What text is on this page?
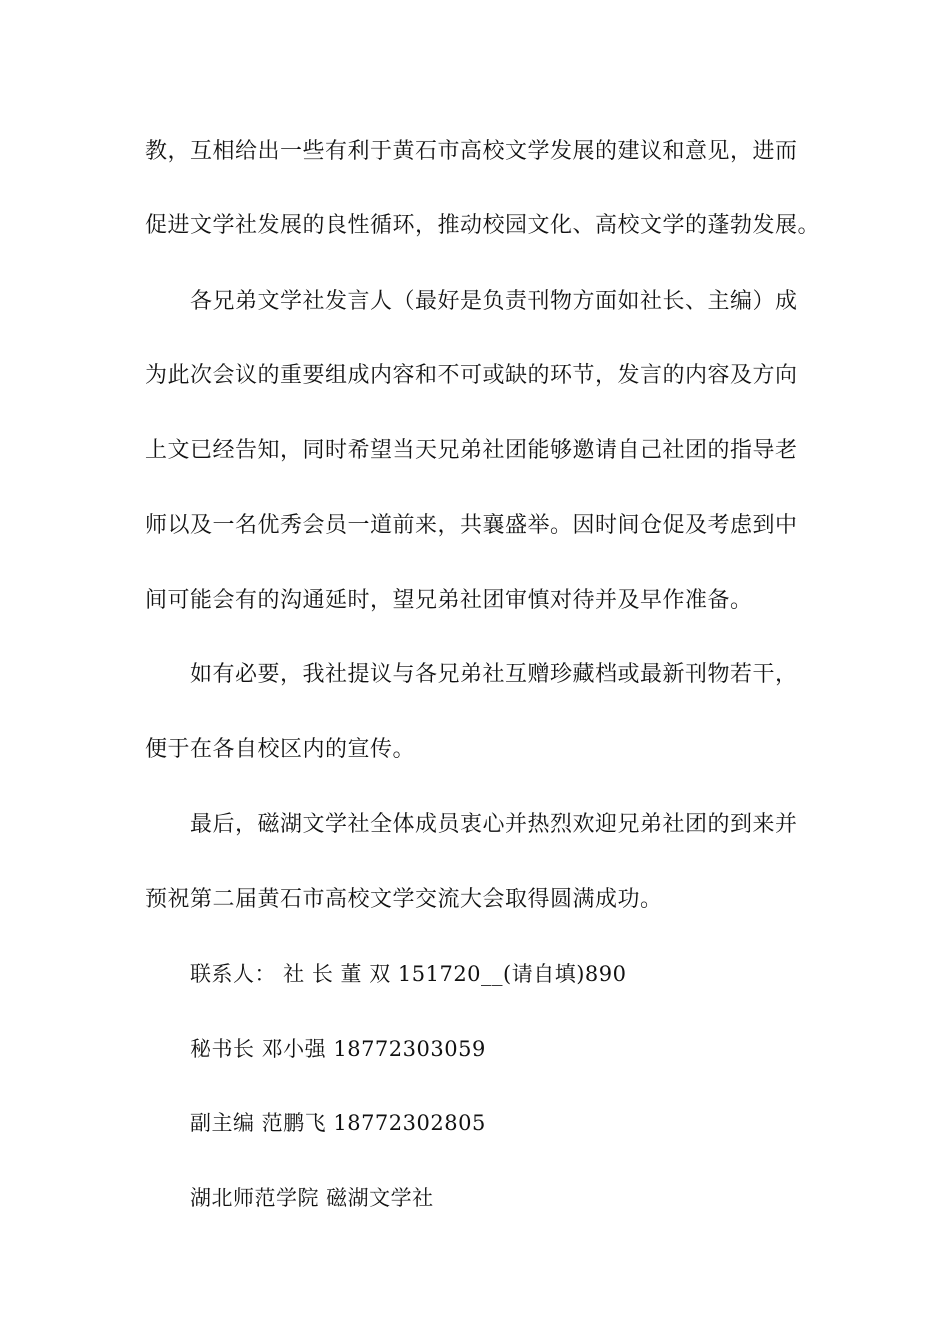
教，互相给出一些有利于黄石市高校文学发展的建议和意见，进而
促进文学社发展的良性循环，推动校园文化、高校文学的蓬勃发展。
各兄弟文学社发言人（最好是负责刊物方面如社长、主编）成
为此次会议的重要组成内容和不可或缺的环节，发言的内容及方向
上文已经告知，同时希望当天兄弟社团能够邀请自己社团的指导老
师以及一名优秀会员一道前来，共襄盛举。因时间仓促及考虑到中
间可能会有的沟通延时，望兄弟社团审慎对待并及早作准备。
如有必要，我社提议与各兄弟社互赠珍藏档或最新刊物若干，
便于在各自校区内的宣传。
最后，磁湖文学社全体成员衷心并热烈欢迎兄弟社团的到来并
预祝第二届黄石市高校文学交流大会取得圆满成功。
联系人： 社 长 董 双 151720__(请自填)890
秘书长 邓小强 18772303059
副主编 范鹏飞 18772302805
湖北师范学院 磁湖文学社
